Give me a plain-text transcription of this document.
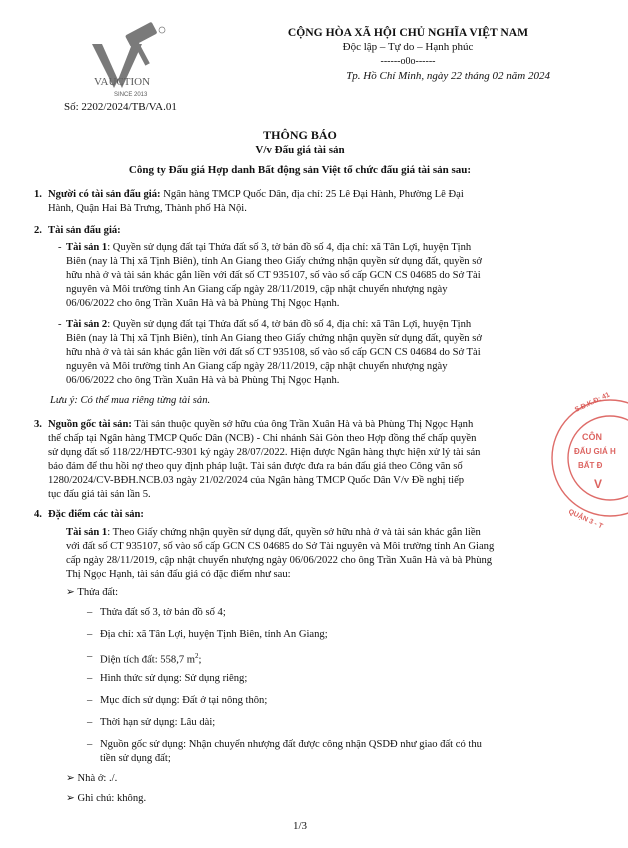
VAUCTION
SINCE 2013
Số: 2202/2024/TB/VA.01
CỘNG HÒA XÃ HỘI CHỦ NGHĨA VIỆT NAM
Độc lập – Tự do – Hạnh phúc
------o0o------
Tp. Hồ Chí Minh, ngày 22 tháng 02 năm 2024
THÔNG BÁO
V/v Đấu giá tài sản
Công ty Đấu giá Hợp danh Bất động sản Việt tổ chức đấu giá tài sản sau:
1. Người có tài sản đấu giá: Ngân hàng TMCP Quốc Dân, địa chỉ: 25 Lê Đại Hành, Phường Lê Đại
Hành, Quận Hai Bà Trưng, Thành phố Hà Nội.
2. Tài sản đấu giá:
- Tài sản 1: Quyền sử dụng đất tại Thửa đất số 3, tờ bản đồ số 4, địa chỉ: xã Tân Lợi, huyện Tịnh
Biên (nay là Thị xã Tịnh Biên), tỉnh An Giang theo Giấy chứng nhận quyền sử dụng đất, quyền sở
hữu nhà ở và tài sản khác gắn liền với đất số CT 935107, số vào sổ cấp GCN CS 04685 do Sở Tài
nguyên và Môi trường tỉnh An Giang cấp ngày 28/11/2019, cập nhật chuyển nhượng ngày
06/06/2022 cho ông Trần Xuân Hà và bà Phùng Thị Ngọc Hạnh.
- Tài sản 2: Quyền sử dụng đất tại Thửa đất số 4, tờ bản đồ số 4, địa chỉ: xã Tân Lợi, huyện Tịnh
Biên (nay là Thị xã Tịnh Biên), tỉnh An Giang theo Giấy chứng nhận quyền sử dụng đất, quyền sở
hữu nhà ở và tài sản khác gắn liền với đất số CT 935108, số vào sổ cấp GCN CS 04684 do Sở Tài
nguyên và Môi trường tỉnh An Giang cấp ngày 28/11/2019, cập nhật chuyển nhượng ngày
06/06/2022 cho ông Trần Xuân Hà và bà Phùng Thị Ngọc Hạnh.
Lưu ý: Có thể mua riêng từng tài sản.
3. Nguồn gốc tài sản: Tài sản thuộc quyền sở hữu của ông Trần Xuân Hà và bà Phùng Thị Ngọc Hạnh
thế chấp tại Ngân hàng TMCP Quốc Dân (NCB) - Chi nhánh Sài Gòn theo Hợp đồng thế chấp quyền
sử dụng đất số 118/22/HĐTC-9301 ký ngày 28/07/2022. Hiện được Ngân hàng thực hiện xử lý tài sản
bảo đảm để thu hồi nợ theo quy định pháp luật. Tài sản được đưa ra bán đấu giá theo Công văn số
1280/2024/CV-BĐH.NCB.03 ngày 21/02/2024 của Ngân hàng TMCP Quốc Dân V/v Đề nghị tiếp
tục đấu giá tài sản lần 5.
4. Đặc điểm các tài sản:
Tài sản 1: Theo Giấy chứng nhận quyền sử dụng đất, quyền sở hữu nhà ở và tài sản khác gắn liền
với đất số CT 935107, số vào sổ cấp GCN CS 04685 do Sở Tài nguyên và Môi trường tỉnh An Giang
cấp ngày 28/11/2019, cập nhật chuyển nhượng ngày 06/06/2022 cho ông Trần Xuân Hà và bà Phùng
Thị Ngọc Hạnh, tài sản đấu giá có đặc điểm như sau:
➢ Thửa đất:
– Thửa đất số 3, tờ bản đồ số 4;
– Địa chỉ: xã Tân Lợi, huyện Tịnh Biên, tỉnh An Giang;
– Diện tích đất: 558,7 $m^2$;
– Hình thức sử dụng: Sử dụng riêng;
– Mục đích sử dụng: Đất ở tại nông thôn;
– Thời hạn sử dụng: Lâu dài;
– Nguồn gốc sử dụng: Nhận chuyển nhượng đất được công nhận QSDĐ như giao đất có thu
tiền sử dụng đất;
➢ Nhà ở: ./.
➢ Ghi chú: không.
1/3
S.Đ.K.Đ: 41
CÔN
ĐẤU GIÁ H
BẤT Đ
V
QUẬN 3 - T
